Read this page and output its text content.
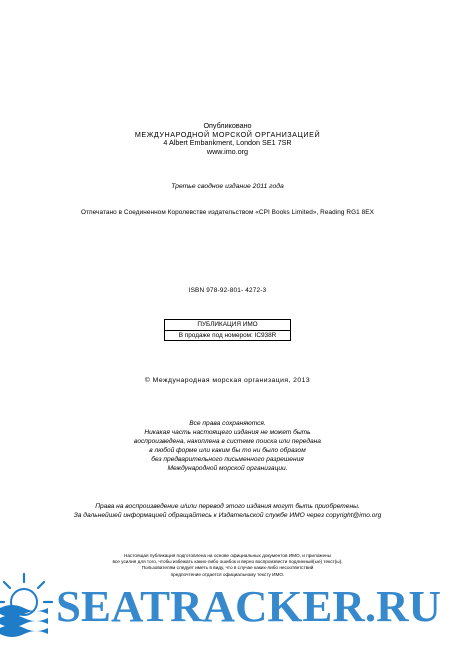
Опубликовано
МЕЖДУНАРОДНОЙ МОРСКОЙ ОРГАНИЗАЦИЕЙ
4 Albert Embankment, London SE1 7SR
www.imo.org
Третье сводное издание 2011 года
Отпечатано в Соединенном Королевстве издательством «CPI Books Limited», Reading RG1 8EX
ISBN 978-92-801- 4272-3
ПУБЛИКАЦИЯ ИМО
В продаже под номером: IC938R
© Международная морская организация, 2013
Все права сохраняются.
Никакая часть настоящего издания не может быть
воспроизведена, накоплена в системе поиска или передана
в любой форме или каким бы то ни было образом
без предварительного письменного разрешения
Международной морской организации.
Права на воспроизведение и/или перевод этого издания могут быть приобретены.
За дальнейшей информацией обращайтесь к Издательской службе ИМО через copyright@imo.org
SEATRACKER.RU
Настоящая публикация подготовлена на основе официальных документов ИМО, и приложены
все усилия для того, чтобы избежать каких-либо ошибок и верно воспроизвести подлинный(ые) текст(ы).
Пользователям следует иметь в виду, что в случае каких-либо несоответствий
предпочтение отдается официальному тексту ИМО.
